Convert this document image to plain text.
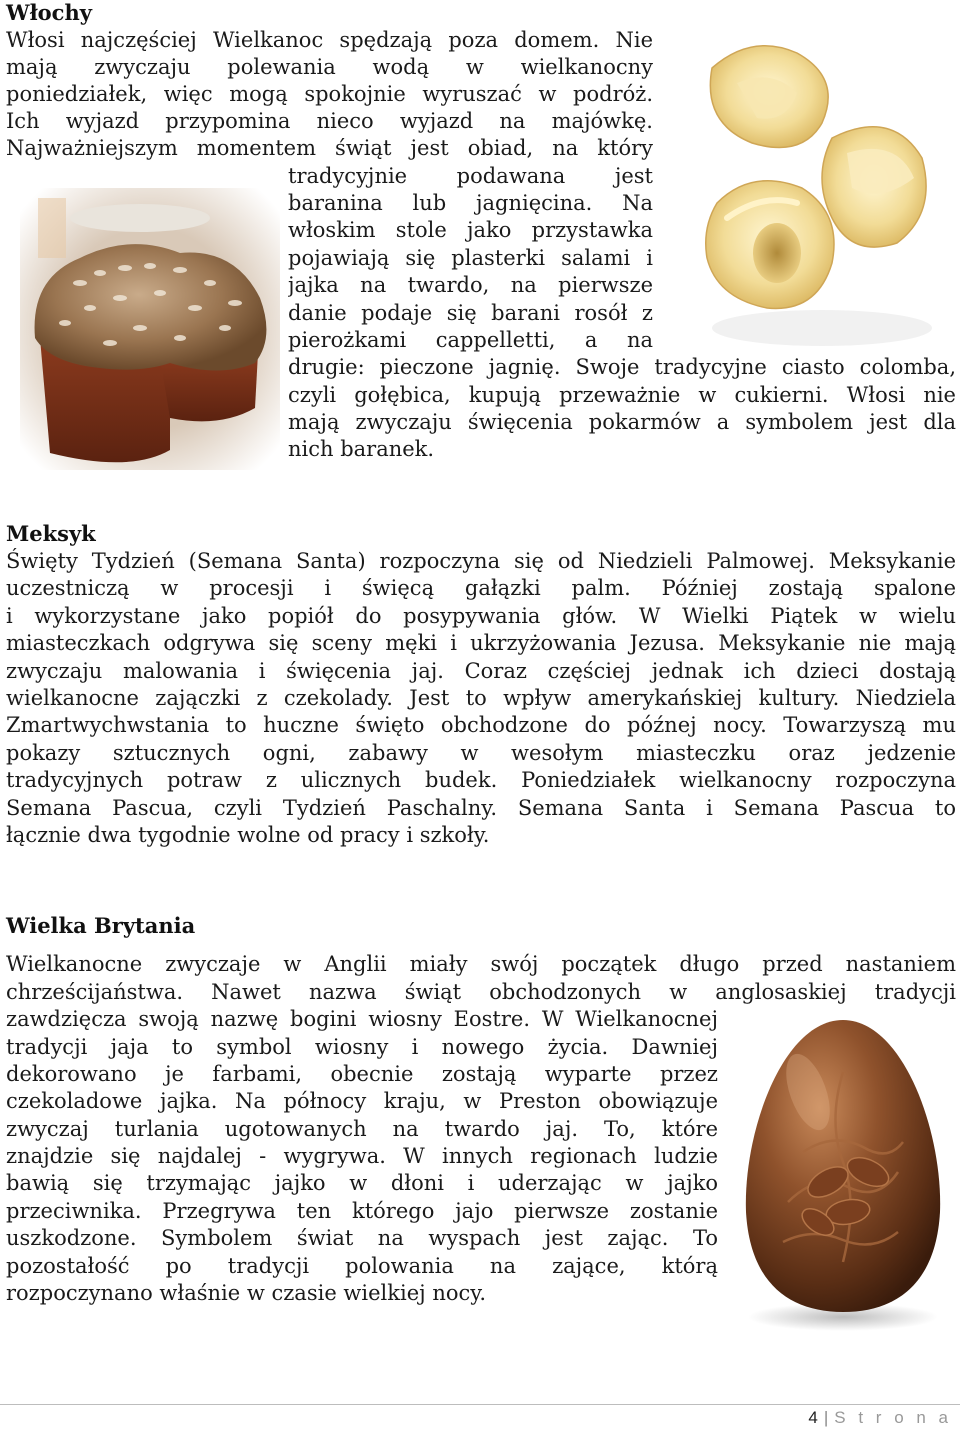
Włochy
Włosi najczęściej Wielkanoc spędzają poza domem. Nie
mają zwyczaju polewania wodą w wielkanocny
poniedziałek, więc mogą spokojnie wyruszać w podróż.
Ich wyjazd przypomina nieco wyjazd na majówkę.
Najważniejszym momentem świąt jest obiad, na który
tradycyjnie podawana jest
baranina lub jagnięcina. Na
włoskim stole jako przystawka
pojawiają się plasterki salami i
jajka na twardo, na pierwsze
danie podaje się barani rosół z
pierożkami cappelletti, a na
drugie: pieczone jagnię. Swoje tradycyjne ciasto colomba,
czyli gołębica, kupują przeważnie w cukierni. Włosi nie
mają zwyczaju święcenia pokarmów a symbolem jest dla
nich baranek.
Meksyk
Święty Tydzień (Semana Santa) rozpoczyna się od Niedzieli Palmowej. Meksykanie
uczestniczą w procesji i święcą gałązki palm. Później zostają spalone
i wykorzystane jako popiół do posypywania głów. W Wielki Piątek w wielu
miasteczkach odgrywa się sceny męki i ukrzyżowania Jezusa. Meksykanie nie mają
zwyczaju malowania i święcenia jaj. Coraz częściej jednak ich dzieci dostają
wielkanocne zajączki z czekolady. Jest to wpływ amerykańskiej kultury. Niedziela
Zmartwychwstania to huczne święto obchodzone do późnej nocy. Towarzyszą mu
pokazy sztucznych ogni, zabawy w wesołym miasteczku oraz jedzenie
tradycyjnych potraw z ulicznych budek. Poniedziałek wielkanocny rozpoczyna
Semana Pascua, czyli Tydzień Paschalny. Semana Santa i Semana Pascua to
łącznie dwa tygodnie wolne od pracy i szkoły.
Wielka Brytania
Wielkanocne zwyczaje w Anglii miały swój początek długo przed nastaniem
chrześcijaństwa. Nawet nazwa świąt obchodzonych w anglosaskiej tradycji
zawdzięcza swoją nazwę bogini wiosny Eostre. W Wielkanocnej
tradycji jaja to symbol wiosny i nowego życia. Dawniej
dekorowano je farbami, obecnie zostają wyparte przez
czekoladowe jajka. Na północy kraju, w Preston obowiązuje
zwyczaj turlania ugotowanych na twardo jaj. To, które
znajdzie się najdalej - wygrywa. W innych regionach ludzie
bawią się trzymając jajko w dłoni i uderzając w jajko
przeciwnika. Przegrywa ten którego jajo pierwsze zostanie
uszkodzone. Symbolem świat na wyspach jest zając. To
pozostałość po tradycji polowania na zające, którą
rozpoczynano właśnie w czasie wielkiej nocy.
4 | S t r o n a
